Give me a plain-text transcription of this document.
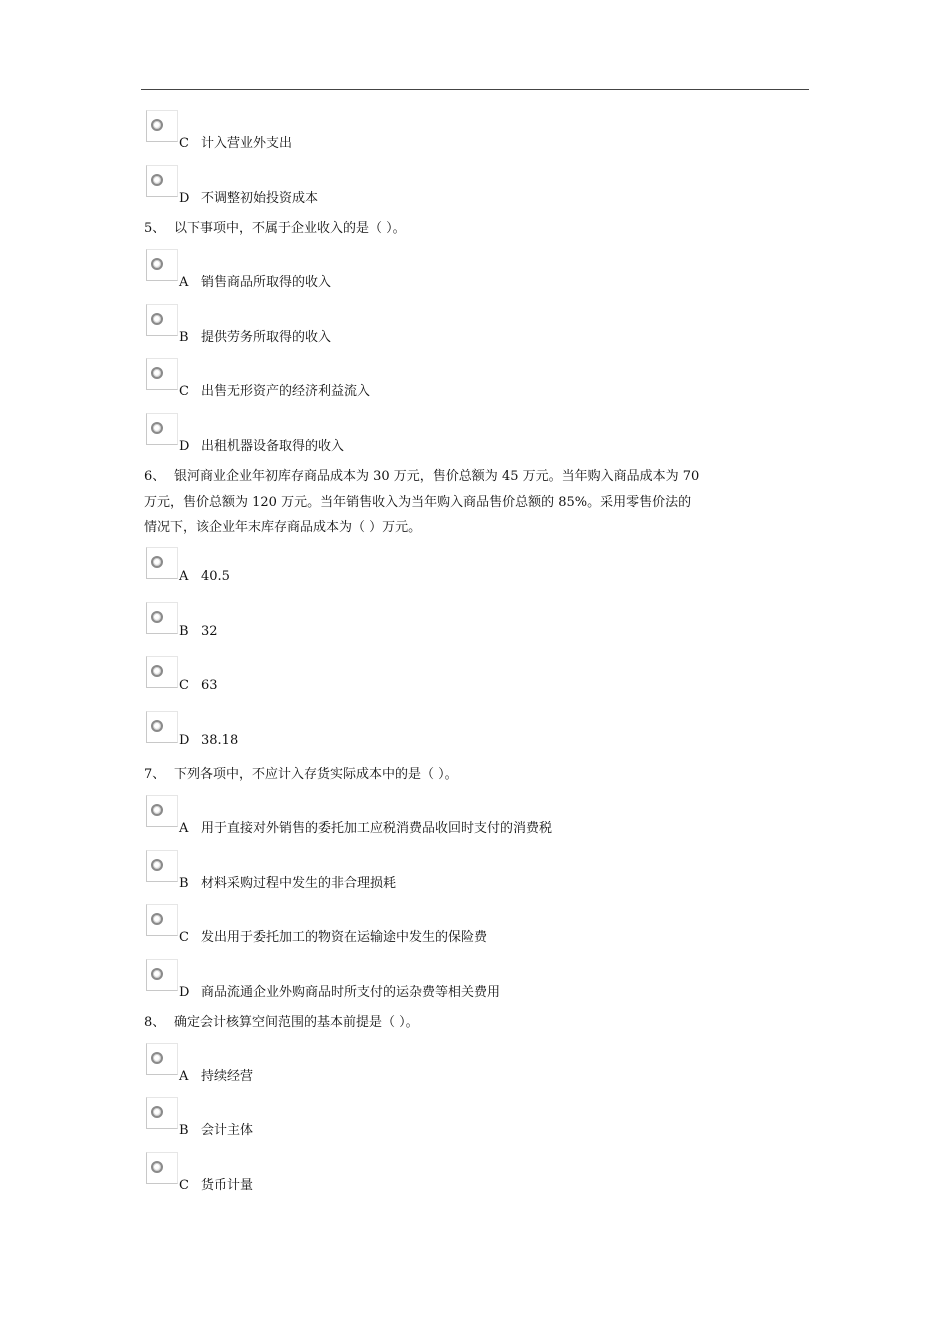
C 计入营业外支出
D 不调整初始投资成本
5、 以下事项中，不属于企业收入的是（ ）。
A 销售商品所取得的收入
B 提供劳务所取得的收入
C 出售无形资产的经济利益流入
D 出租机器设备取得的收入
6、 银河商业企业年初库存商品成本为 30 万元，售价总额为 45 万元。当年购入商品成本为 70
万元，售价总额为 120 万元。当年销售收入为当年购入商品售价总额的 85%。采用零售价法的
情况下，该企业年末库存商品成本为（ ）万元。
A 40.5
B 32
C 63
D 38.18
7、 下列各项中，不应计入存货实际成本中的是（ ）。
A 用于直接对外销售的委托加工应税消费品收回时支付的消费税
B 材料采购过程中发生的非合理损耗
C 发出用于委托加工的物资在运输途中发生的保险费
D 商品流通企业外购商品时所支付的运杂费等相关费用
8、 确定会计核算空间范围的基本前提是（ ）。
A 持续经营
B 会计主体
C 货币计量
